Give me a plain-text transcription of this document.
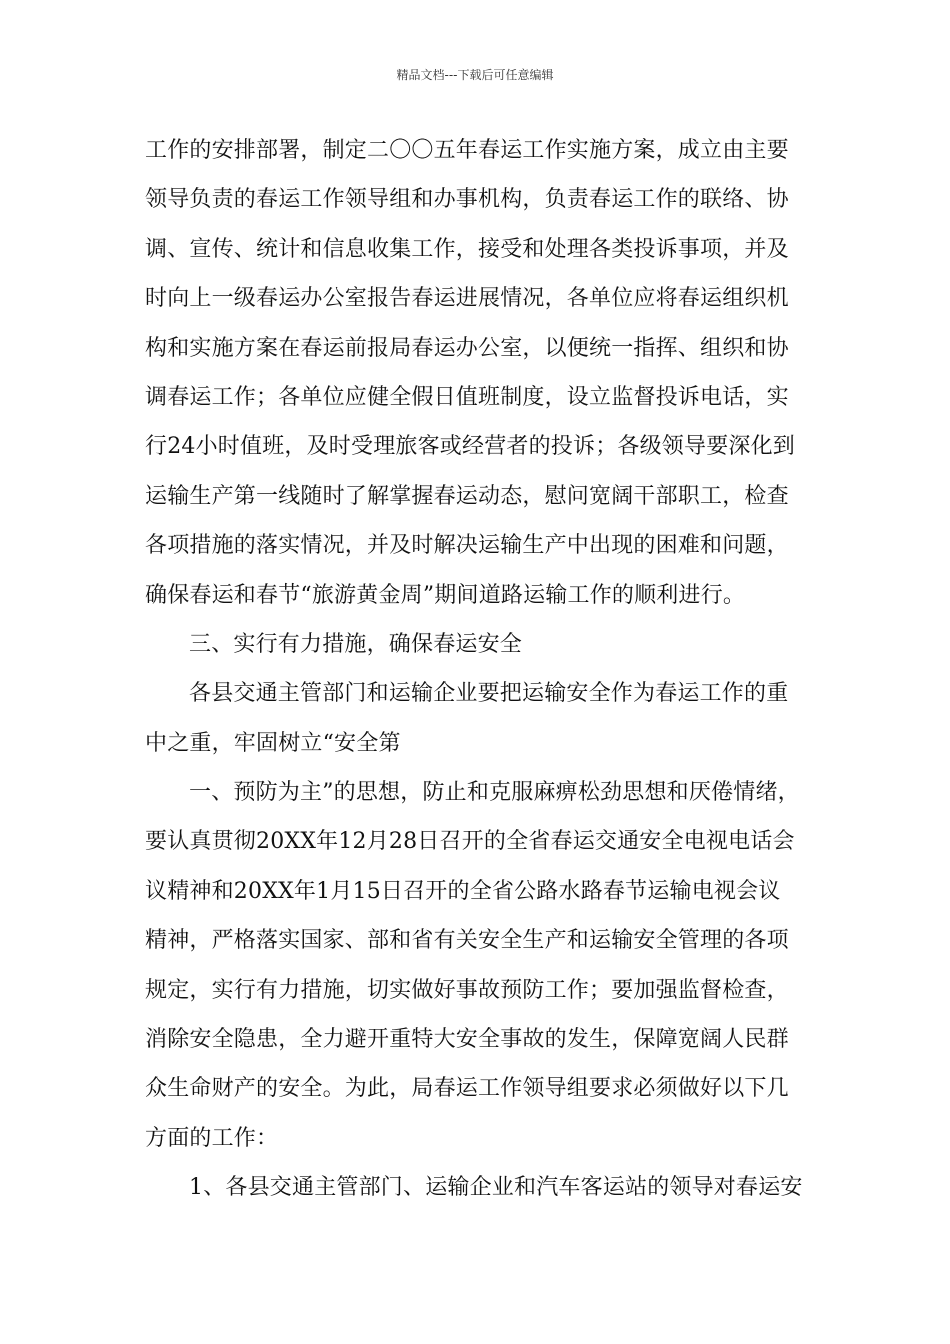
精品文档---下载后可任意编辑
工作的安排部署，制定二〇〇五年春运工作实施方案，成立由主要
领导负责的春运工作领导组和办事机构，负责春运工作的联络、协
调、宣传、统计和信息收集工作，接受和处理各类投诉事项，并及
时向上一级春运办公室报告春运进展情况，各单位应将春运组织机
构和实施方案在春运前报局春运办公室，以便统一指挥、组织和协
调春运工作；各单位应健全假日值班制度，设立监督投诉电话，实
行24小时值班，及时受理旅客或经营者的投诉；各级领导要深化到
运输生产第一线随时了解掌握春运动态，慰问宽阔干部职工，检查
各项措施的落实情况，并及时解决运输生产中出现的困难和问题，
确保春运和春节“旅游黄金周”期间道路运输工作的顺利进行。
三、实行有力措施，确保春运安全
各县交通主管部门和运输企业要把运输安全作为春运工作的重
中之重，牢固树立“安全第
一、预防为主”的思想，防止和克服麻痹松劲思想和厌倦情绪，
要认真贯彻20XX年12月28日召开的全省春运交通安全电视电话会
议精神和20XX年1月15日召开的全省公路水路春节运输电视会议
精神，严格落实国家、部和省有关安全生产和运输安全管理的各项
规定，实行有力措施，切实做好事故预防工作；要加强监督检查，
消除安全隐患，全力避开重特大安全事故的发生，保障宽阔人民群
众生命财产的安全。为此，局春运工作领导组要求必须做好以下几
方面的工作：
1、各县交通主管部门、运输企业和汽车客运站的领导对春运安
